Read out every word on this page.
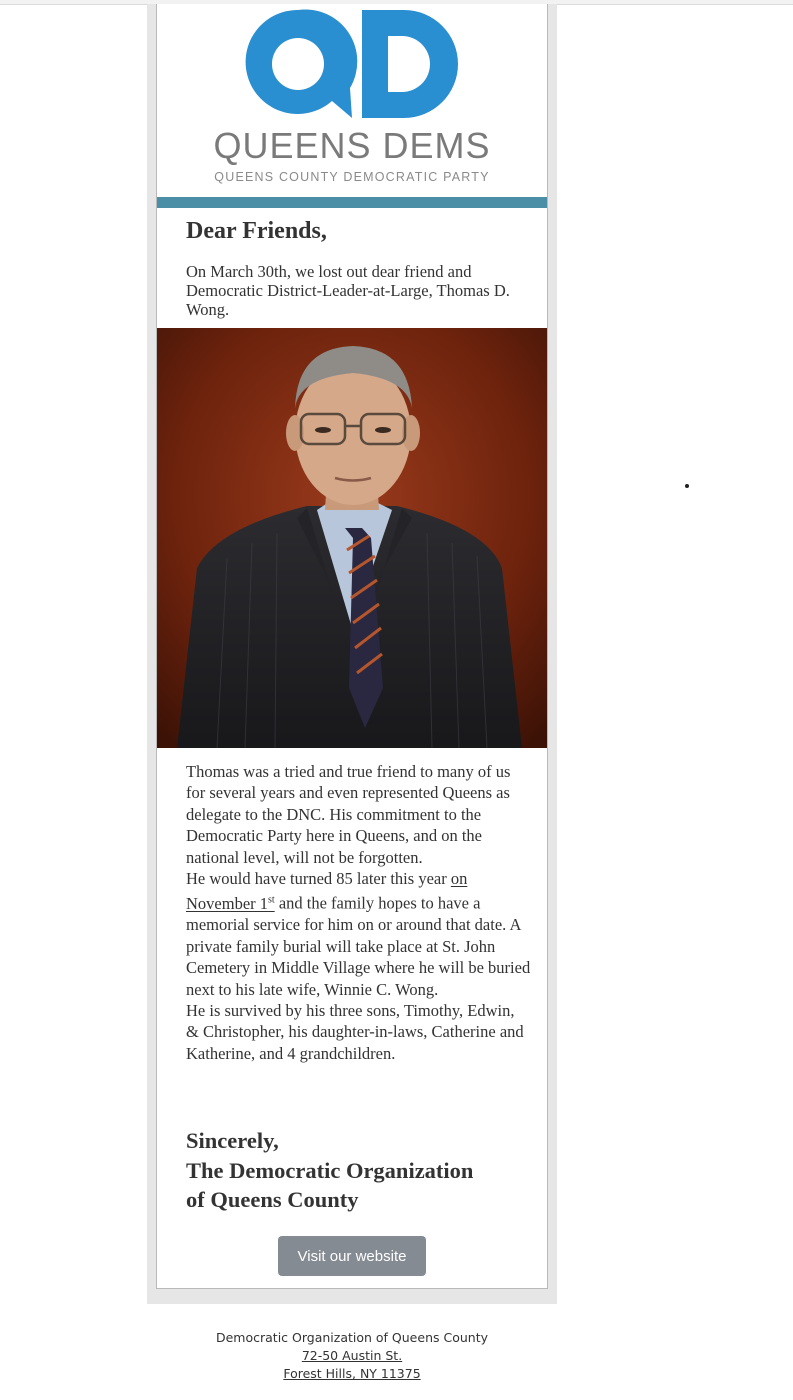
QUEENS DEMS
QUEENS COUNTY DEMOCRATIC PARTY
Dear Friends,

On March 30th, we lost out dear friend and Democratic District-Leader-at-Large, Thomas D. Wong.

Thomas was a tried and true friend to many of us for several years and even represented Queens as delegate to the DNC. His commitment to the Democratic Party here in Queens, and on the national level, will not be forgotten.

He would have turned 85 later this year on November 1st and the family hopes to have a memorial service for him on or around that date. A private family burial will take place at St. John Cemetery in Middle Village where he will be buried next to his late wife, Winnie C. Wong.

He is survived by his three sons, Timothy, Edwin, & Christopher, his daughter-in-laws, Catherine and Katherine, and 4 grandchildren.

Sincerely,
The Democratic Organization
of Queens County
Visit our website
Democratic Organization of Queens County
72-50 Austin St.
Forest Hills, NY 11375
